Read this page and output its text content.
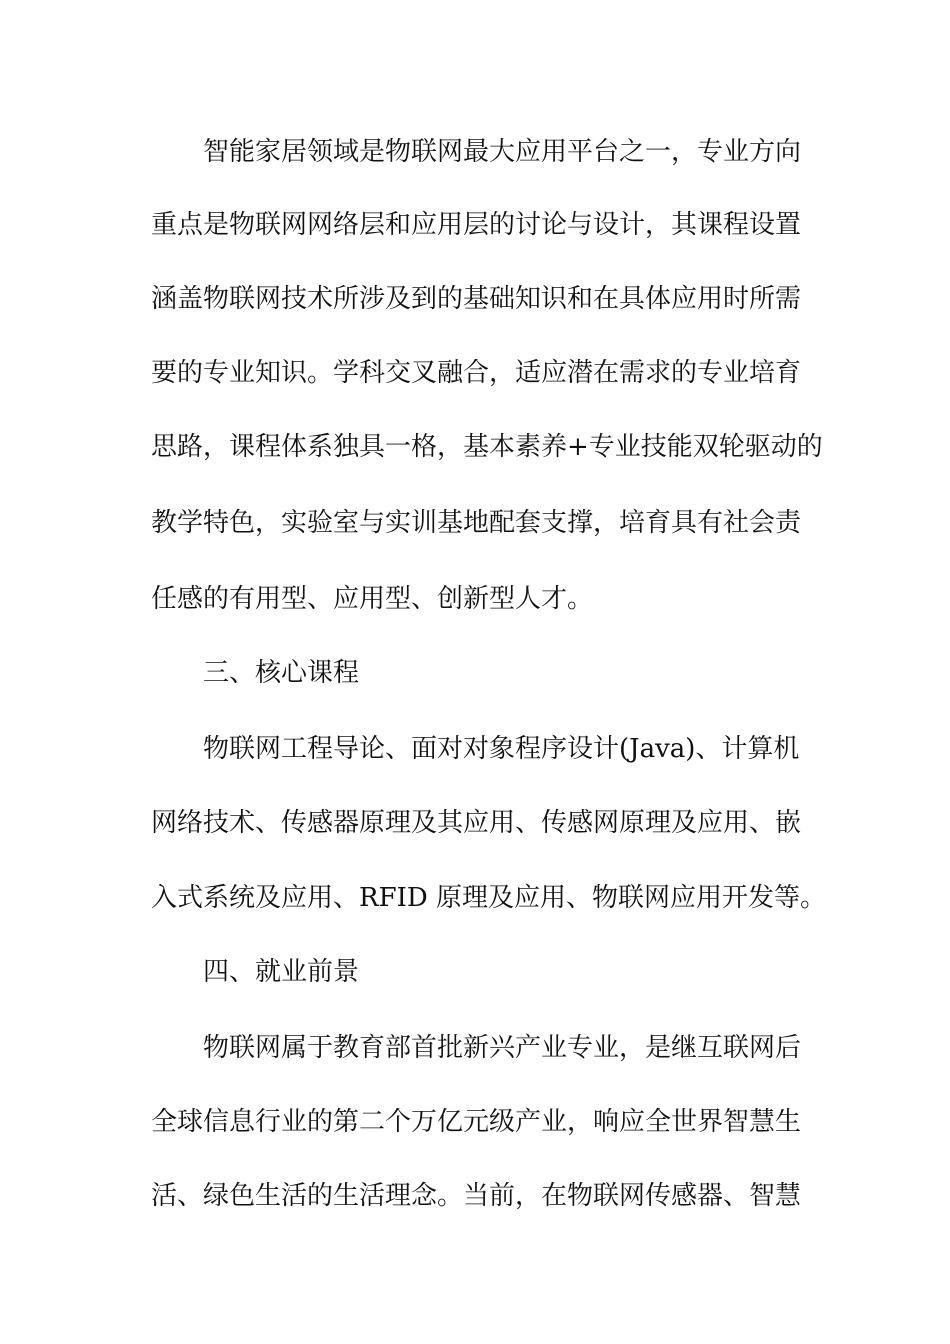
智能家居领域是物联网最大应用平台之一，专业方向
重点是物联网网络层和应用层的讨论与设计，其课程设置
涵盖物联网技术所涉及到的基础知识和在具体应用时所需
要的专业知识。学科交叉融合，适应潜在需求的专业培育
思路，课程体系独具一格，基本素养+专业技能双轮驱动的
教学特色，实验室与实训基地配套支撑，培育具有社会责
任感的有用型、应用型、创新型人才。
三、核心课程
物联网工程导论、面对对象程序设计(Java)、计算机
网络技术、传感器原理及其应用、传感网原理及应用、嵌
入式系统及应用、RFID 原理及应用、物联网应用开发等。
四、就业前景
物联网属于教育部首批新兴产业专业，是继互联网后
全球信息行业的第二个万亿元级产业，响应全世界智慧生
活、绿色生活的生活理念。当前，在物联网传感器、智慧
